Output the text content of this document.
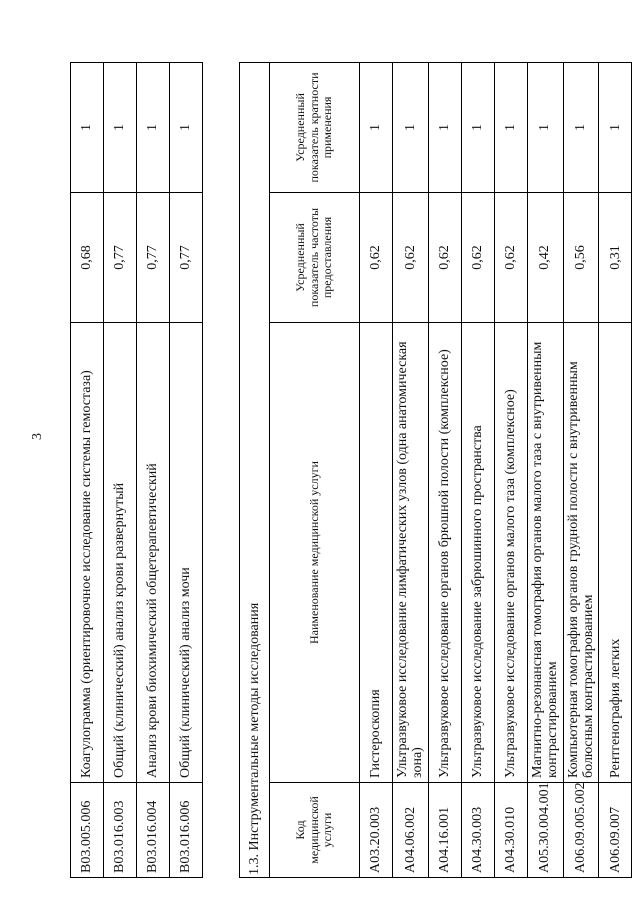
3
B03.005.006	Коагулограмма (ориентировочное исследование системы гемостаза)	0,68	1
B03.016.003	Общий (клинический) анализ крови развернутый	0,77	1
B03.016.004	Анализ крови биохимический общетерапевтический	0,77	1
B03.016.006	Общий (клинический) анализ мочи	0,77	1
1.3. Инструментальные методы исследования			
Код медицинской услуги	Наименование медицинской услуги	Усредненный показатель частоты предоставления	Усредненный показатель кратности применения
A03.20.003	Гистероскопия	0,62	1
A04.06.002	Ультразвуковое исследование лимфатических узлов (одна анатомическая зона)	0,62	1
A04.16.001	Ультразвуковое исследование органов брюшной полости (комплексное)	0,62	1
A04.30.003	Ультразвуковое исследование забрюшинного пространства	0,62	1
A04.30.010	Ультразвуковое исследование органов малого таза (комплексное)	0,62	1
A05.30.004.001	Магнитно-резонансная томография органов малого таза с внутривенным контрастированием	0,42	1
A06.09.005.002	Компьютерная томография органов грудной полости с внутривенным болюсным контрастированием	0,56	1
A06.09.007	Рентгенография легких	0,31	1
